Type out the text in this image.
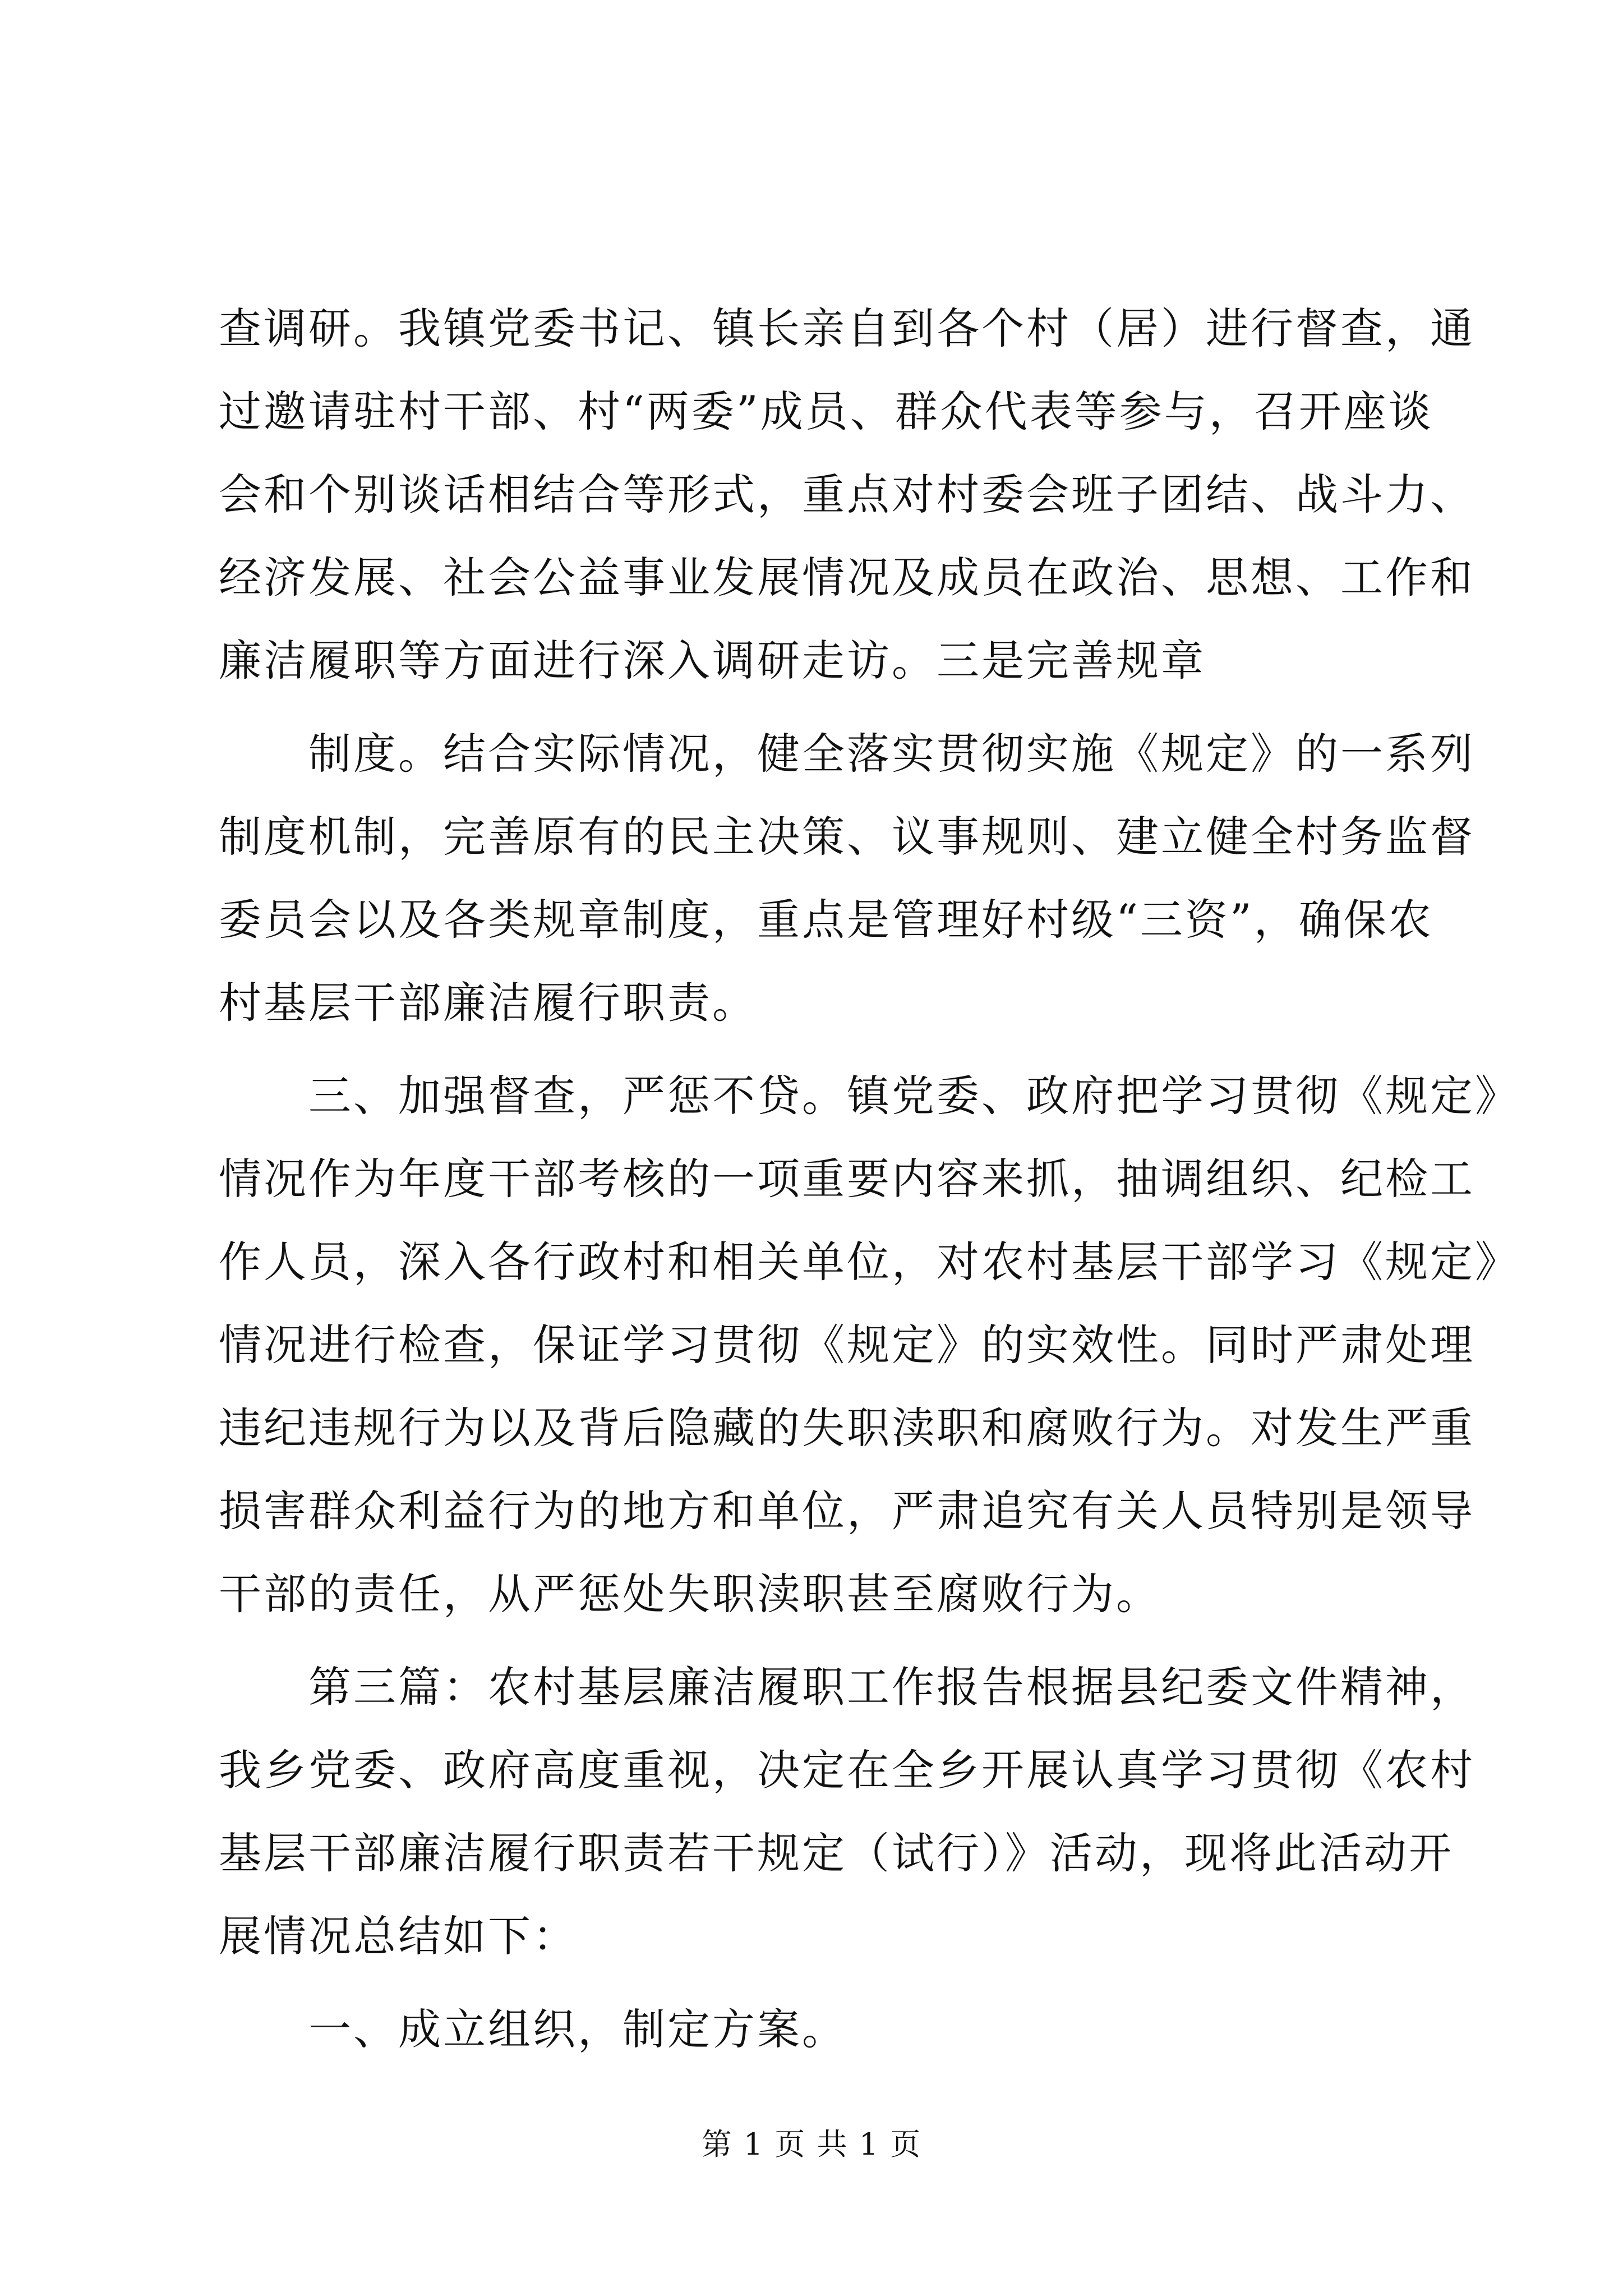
查调研。我镇党委书记、镇长亲自到各个村（居）进行督查，通
过邀请驻村干部、村“两委”成员、群众代表等参与，召开座谈
会和个别谈话相结合等形式，重点对村委会班子团结、战斗力、
经济发展、社会公益事业发展情况及成员在政治、思想、工作和
廉洁履职等方面进行深入调研走访。三是完善规章
制度。结合实际情况，健全落实贯彻实施《规定》的一系列
制度机制，完善原有的民主决策、议事规则、建立健全村务监督
委员会以及各类规章制度，重点是管理好村级“三资”，确保农
村基层干部廉洁履行职责。
三、加强督查，严惩不贷。镇党委、政府把学习贯彻《规定》
情况作为年度干部考核的一项重要内容来抓，抽调组织、纪检工
作人员，深入各行政村和相关单位，对农村基层干部学习《规定》
情况进行检查，保证学习贯彻《规定》的实效性。同时严肃处理
违纪违规行为以及背后隐藏的失职渎职和腐败行为。对发生严重
损害群众利益行为的地方和单位，严肃追究有关人员特别是领导
干部的责任，从严惩处失职渎职甚至腐败行为。
第三篇：农村基层廉洁履职工作报告根据县纪委文件精神，
我乡党委、政府高度重视，决定在全乡开展认真学习贯彻《农村
基层干部廉洁履行职责若干规定（试行）》活动，现将此活动开
展情况总结如下：
一、成立组织，制定方案。
第 1 页 共 1 页
